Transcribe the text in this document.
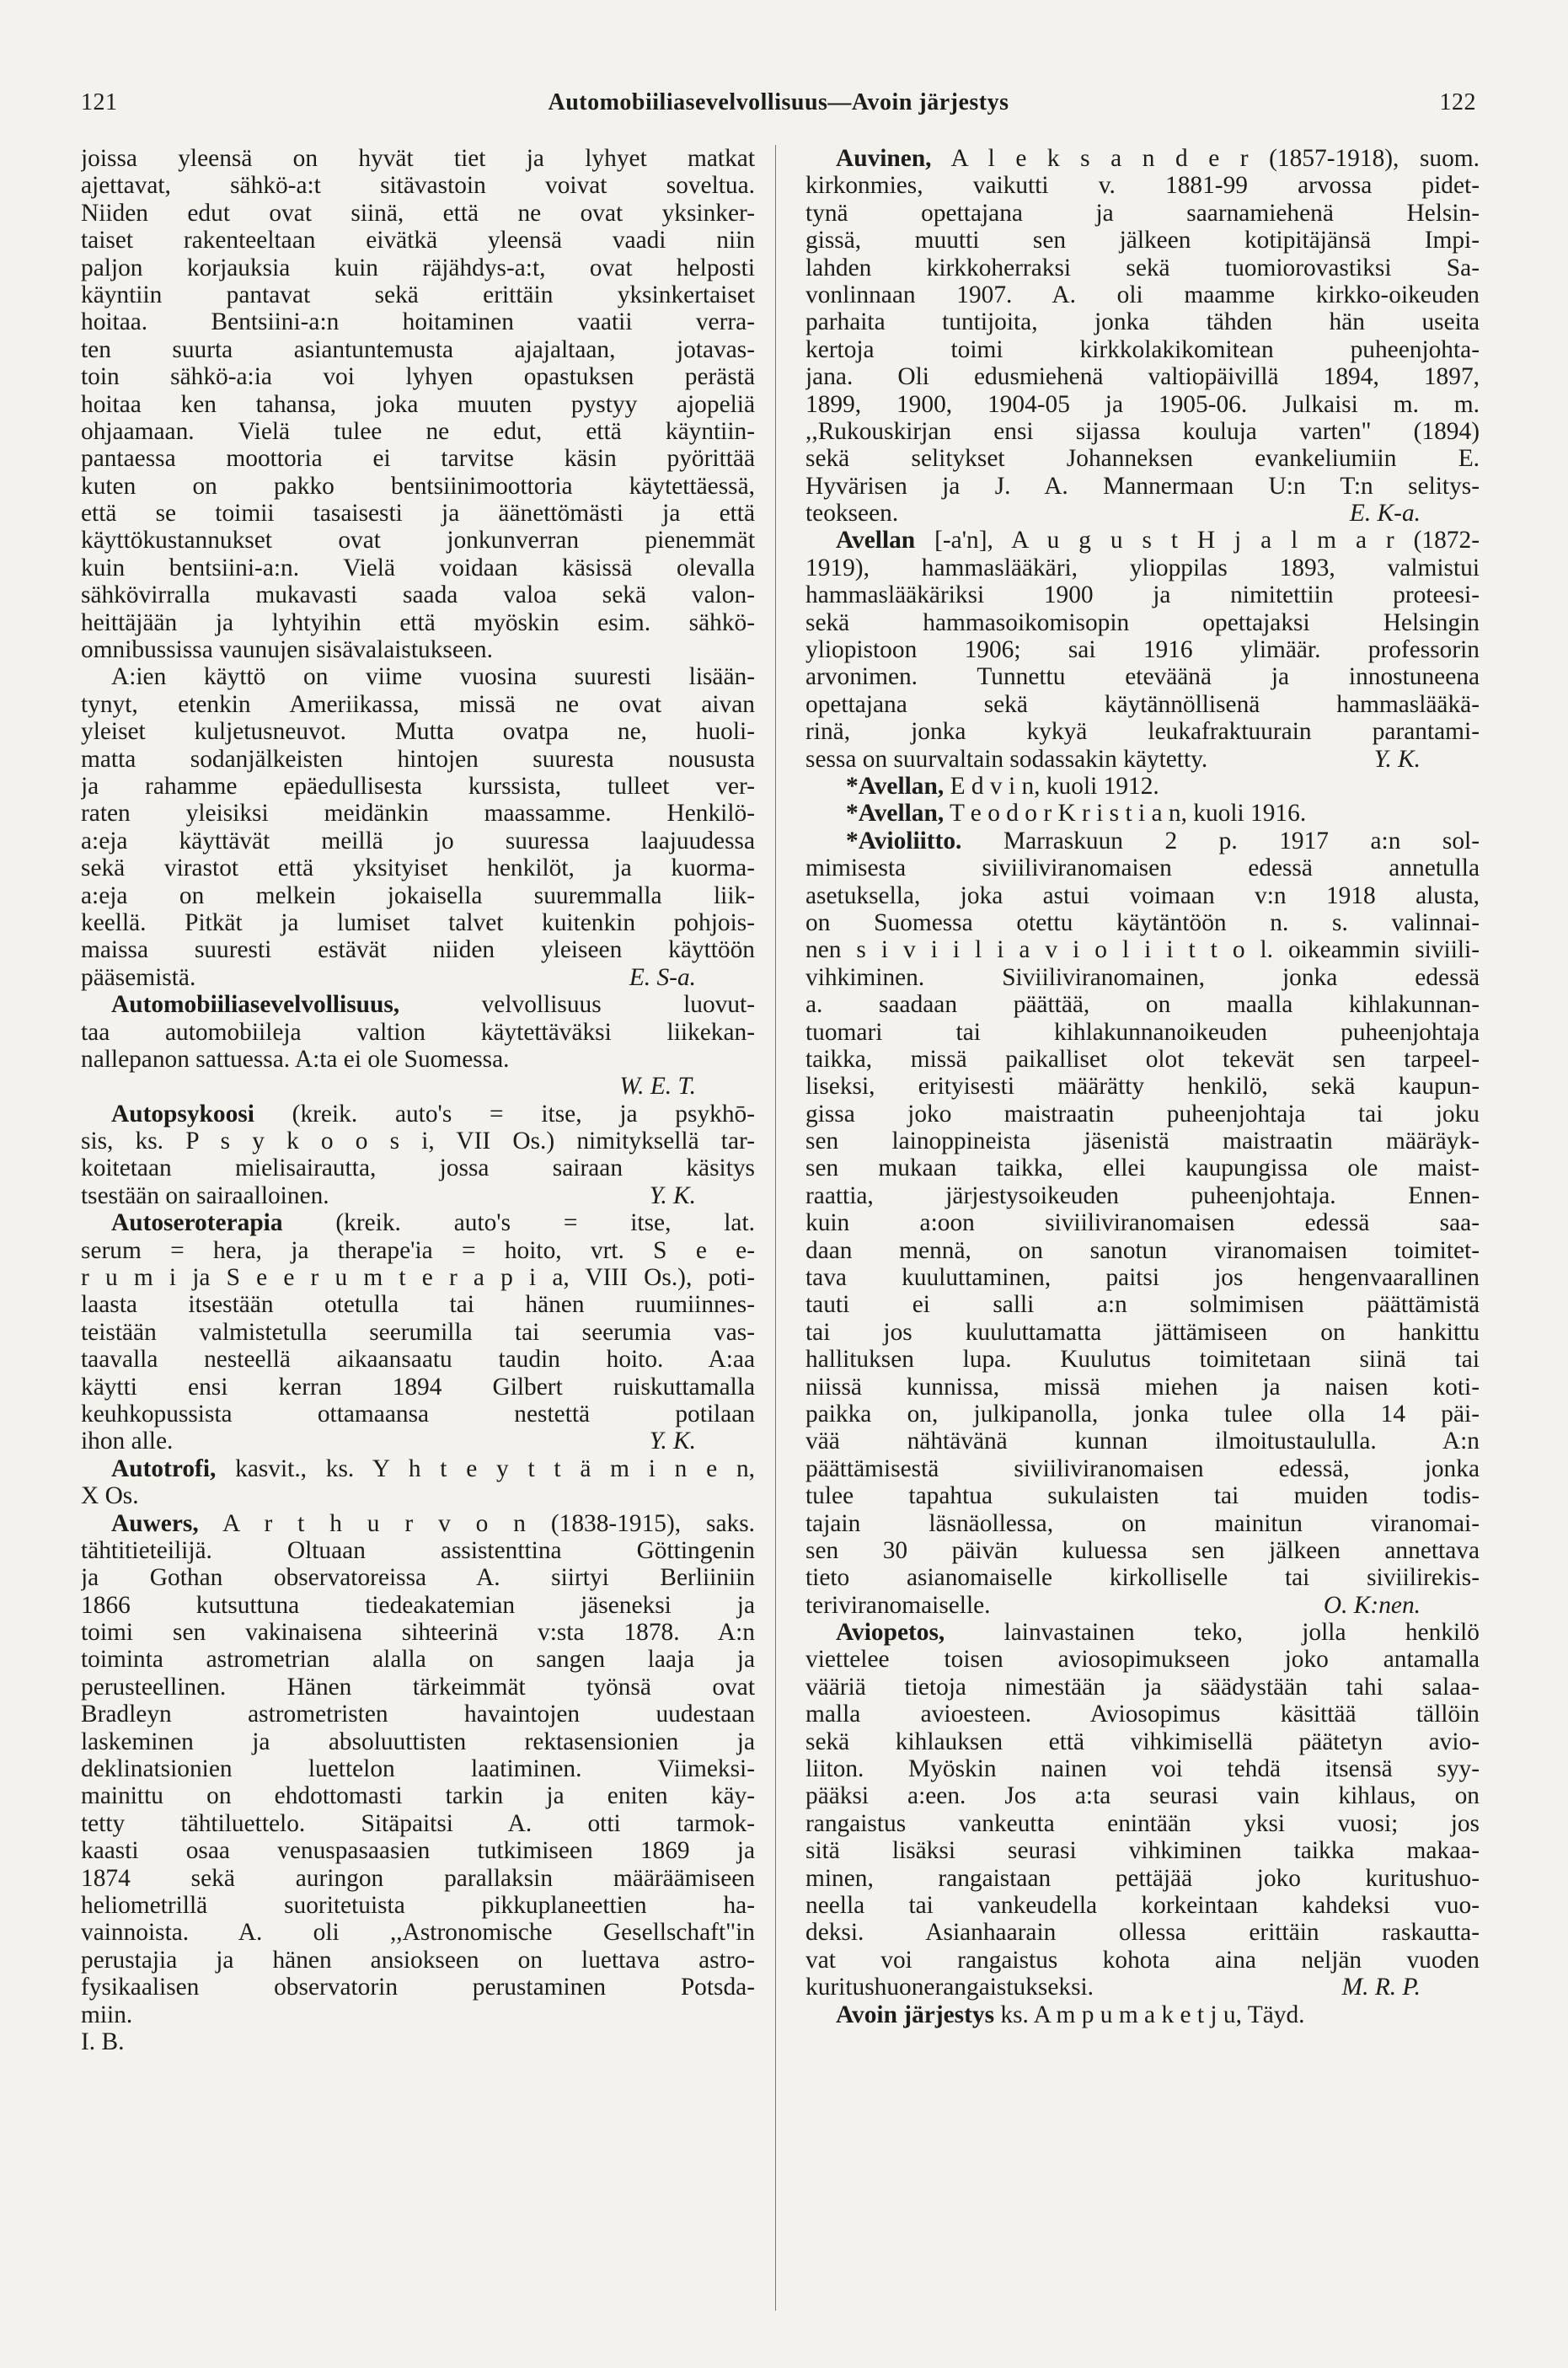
121	Automobiiliasevelvollisuus—Avoin järjestys	122
joissa yleensä on hyvät tiet ja lyhyet matkat
ajettavat, sähkö-a:t sitävastoin voivat soveltua.
Niiden edut ovat siinä, että ne ovat yksinker-
taiset rakenteeltaan eivätkä yleensä vaadi niin
paljon korjauksia kuin räjähdys-a:t, ovat helposti
käyntiin pantavat sekä erittäin yksinkertaiset
hoitaa. Bentsiini-a:n hoitaminen vaatii verra-
ten suurta asiantuntemusta ajajaltaan, jotavas-
toin sähkö-a:ia voi lyhyen opastuksen perästä
hoitaa ken tahansa, joka muuten pystyy ajopeliä
ohjaamaan. Vielä tulee ne edut, että käyntiin-
pantaessa moottoria ei tarvitse käsin pyörittää
kuten on pakko bentsiinimoottoria käytettäessä,
että se toimii tasaisesti ja äänettömästi ja että
käyttökustannukset ovat jonkunverran pienemmät
kuin bentsiini-a:n. Vielä voidaan käsissä olevalla
sähkövirralla mukavasti saada valoa sekä valon-
heittäjään ja lyhtyihin että myöskin esim. sähkö-
omnibussissa vaunujen sisävalaistukseen.
A:ien käyttö on viime vuosina suuresti lisään-
tynyt, etenkin Ameriikassa, missä ne ovat aivan
yleiset kuljetusneuvot. Mutta ovatpa ne, huoli-
matta sodanjälkeisten hintojen suuresta noususta
ja rahamme epäedullisesta kurssista, tulleet ver-
raten yleisiksi meidänkin maassamme. Henkilö-
a:eja käyttävät meillä jo suuressa laajuudessa
sekä virastot että yksityiset henkilöt, ja kuorma-
a:eja on melkein jokaisella suuremmalla liik-
keellä. Pitkät ja lumiset talvet kuitenkin pohjois-
maissa suuresti estävät niiden yleiseen käyttöön
pääsemistä.	E. S-a.
Automobiiliasevelvollisuus,	velvollisuus luovut-
taa automobiileja valtion käytettäväksi liikekan-
nallepanon sattuessa. A:ta ei ole Suomessa.
W. E. T.
Autopsykoosi (kreik. auto's = itse, ja psykhō-
sis, ks. P s y k o o s i, VII Os.) nimityksellä tar-
koitetaan mielisairautta, jossa sairaan käsitys
tsestään on sairaalloinen.	Y. K.
Autoseroterapia (kreik. auto's = itse, lat.
serum = hera, ja therape'ia = hoito, vrt. S e e-
r u m i ja S e e r u m t e r a p i a, VIII Os.), poti-
laasta itsestään otetulla tai hänen ruumiinnes-
teistään valmistetulla seerumilla tai seerumia vas-
taavalla nesteellä aikaansaatu taudin hoito. A:aa
käytti ensi kerran 1894 Gilbert ruiskuttamalla
keuhkopussista ottamaansa nestettä potilaan
ihon alle.	Y. K.
Autotrofi, kasvit., ks. Y h t e y t t ä m i n e n,
X Os.
Auwers, A r t h u r v o n (1838-1915), saks.
tähtitieteilijä. Oltuaan assistenttina Göttingenin
ja Gothan observatoreissa A. siirtyi Berliiniin
1866 kutsuttuna tiedeakatemian jäseneksi ja
toimi sen vakinaisena sihteerinä v:sta 1878. A:n
toiminta astrometrian alalla on sangen laaja ja
perusteellinen. Hänen tärkeimmät työnsä ovat
Bradleyn astrometristen havaintojen uudestaan
laskeminen ja absoluuttisten rektasensionien ja
deklinatsionien luettelon laatiminen. Viimeksi-
mainittu on ehdottomasti tarkin ja eniten käy-
tetty tähtiluettelo. Sitäpaitsi A. otti tarmok-
kaasti osaa venuspasaasien tutkimiseen 1869 ja
1874 sekä auringon parallaksin määräämiseen
heliometrillä suoritetuista pikkuplaneettien ha-
vainnoista. A. oli ,,Astronomische Gesellschaft"in
perustajia ja hänen ansiokseen on luettava astro-
fysikaalisen observatorin perustaminen Potsda-
miin.
I. B.
Auvinen, A l e k s a n d e r (1857-1918), suom.
kirkonmies, vaikutti v. 1881-99 arvossa pidet-
tynä opettajana ja saarnamiehenä Helsin-
gissä, muutti sen jälkeen kotipitäjänsä Impi-
lahden kirkkoherraksi sekä tuomiorovastiksi Sa-
vonlinnaan 1907. A. oli maamme kirkko-oikeuden
parhaita tuntijoita, jonka tähden hän useita
kertoja toimi kirkkolakikomitean puheenjohta-
jana. Oli edusmiehenä valtiopäivillä 1894, 1897,
1899, 1900, 1904-05 ja 1905-06. Julkaisi m. m.
,,Rukouskirjan ensi sijassa kouluja varten" (1894)
sekä selitykset Johanneksen evankeliumiin E.
Hyvärisen ja J. A. Mannermaan U:n T:n selitys-
teokseen.	E. K-a.
Avellan [-a'n], A u g u s t H j a l m a r (1872-
1919), hammaslääkäri, ylioppilas 1893, valmistui
hammaslääkäriksi 1900 ja nimitettiin proteesi-
sekä hammasoikomisopin opettajaksi Helsingin
yliopistoon 1906; sai 1916 ylimäär. professorin
arvonimen. Tunnettu eteväänä ja innostuneena
opettajana sekä käytännöllisenä hammaslääkä-
rinä, jonka kykyä leukafraktuurain parantami-
sessa on suurvaltain sodassakin käytetty.	Y. K.
*Avellan, E d v i n, kuoli 1912.
*Avellan, T e o d o r K r i s t i a n, kuoli 1916.
*Avioliitto. Marraskuun 2 p. 1917 a:n sol-
mimisesta siviiliviranomaisen edessä annetulla
asetuksella, joka astui voimaan v:n 1918 alusta,
on Suomessa otettu käytäntöön n. s. valinnai-
nen s i v i i l i a v i o l i i t t o l. oikeammin siviili-
vihkiminen. Siviiliviranomainen, jonka edessä
a. saadaan päättää, on maalla kihlakunnan-
tuomari tai kihlakunnanoikeuden puheenjohtaja
taikka, missä paikalliset olot tekevät sen tarpeel-
liseksi, erityisesti määrätty henkilö, sekä kaupun-
gissa joko maistraatin puheenjohtaja tai joku
sen lainoppineista jäsenistä maistraatin määräyk-
sen mukaan taikka, ellei kaupungissa ole maist-
raattia, järjestysoikeuden puheenjohtaja. Ennen-
kuin a:oon siviiliviranomaisen edessä saa-
daan mennä, on sanotun viranomaisen toimitet-
tava kuuluttaminen, paitsi jos hengenvaarallinen
tauti ei salli a:n solmimisen päättämistä
tai jos kuuluttamatta jättämiseen on hankittu
hallituksen lupa. Kuulutus toimitetaan siinä tai
niissä kunnissa, missä miehen ja naisen koti-
paikka on, julkipanolla, jonka tulee olla 14 päi-
vää nähtävänä kunnan ilmoitustaululla. A:n
päättämisestä siviiliviranomaisen edessä, jonka
tulee tapahtua sukulaisten tai muiden todis-
tajain läsnäollessa, on mainitun viranomai-
sen 30 päivän kuluessa sen jälkeen annettava
tieto asianomaiselle kirkolliselle tai siviilirekis-
teriviranomaiselle.	O. K:nen.
Aviopetos, lainvastainen teko, jolla henkilö
viettelee toisen aviosopimukseen joko antamalla
vääriä tietoja nimestään ja säädystään tahi salaa-
malla avioesteen. Aviosopimus käsittää tällöin
sekä kihlauksen että vihkimisellä päätetyn avio-
liiton. Myöskin nainen voi tehdä itsensä syy-
pääksi a:een. Jos a:ta seurasi vain kihlaus, on
rangaistus vankeutta enintään yksi vuosi; jos
sitä lisäksi seurasi vihkiminen taikka makaa-
minen, rangaistaan pettäjää joko kuritushuo-
neella tai vankeudella korkeintaan kahdeksi vuo-
deksi. Asianhaarain ollessa erittäin raskautta-
vat voi rangaistus kohota aina neljän vuoden
kuritushuonerangaistukseksi.	M. R. P.
Avoin järjestys ks. A m p u m a k e t j u, Täyd.
